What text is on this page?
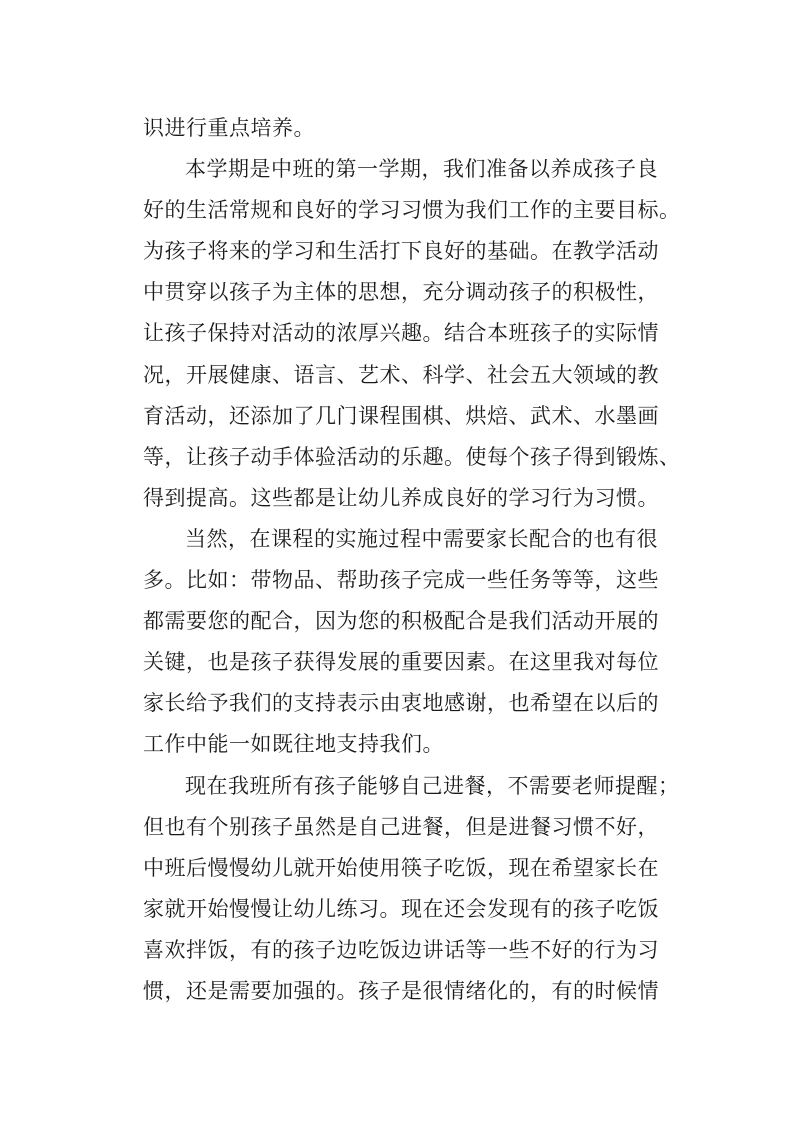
识进行重点培养。
本学期是中班的第一学期，我们准备以养成孩子良
好的生活常规和良好的学习习惯为我们工作的主要目标。
为孩子将来的学习和生活打下良好的基础。在教学活动
中贯穿以孩子为主体的思想，充分调动孩子的积极性，
让孩子保持对活动的浓厚兴趣。结合本班孩子的实际情
况，开展健康、语言、艺术、科学、社会五大领域的教
育活动，还添加了几门课程围棋、烘焙、武术、水墨画
等，让孩子动手体验活动的乐趣。使每个孩子得到锻炼、
得到提高。这些都是让幼儿养成良好的学习行为习惯。
当然，在课程的实施过程中需要家长配合的也有很
多。比如：带物品、帮助孩子完成一些任务等等，这些
都需要您的配合，因为您的积极配合是我们活动开展的
关键，也是孩子获得发展的重要因素。在这里我对每位
家长给予我们的支持表示由衷地感谢，也希望在以后的
工作中能一如既往地支持我们。
现在我班所有孩子能够自己进餐，不需要老师提醒；
但也有个别孩子虽然是自己进餐，但是进餐习惯不好，
中班后慢慢幼儿就开始使用筷子吃饭，现在希望家长在
家就开始慢慢让幼儿练习。现在还会发现有的孩子吃饭
喜欢拌饭，有的孩子边吃饭边讲话等一些不好的行为习
惯，还是需要加强的。孩子是很情绪化的，有的时候情
